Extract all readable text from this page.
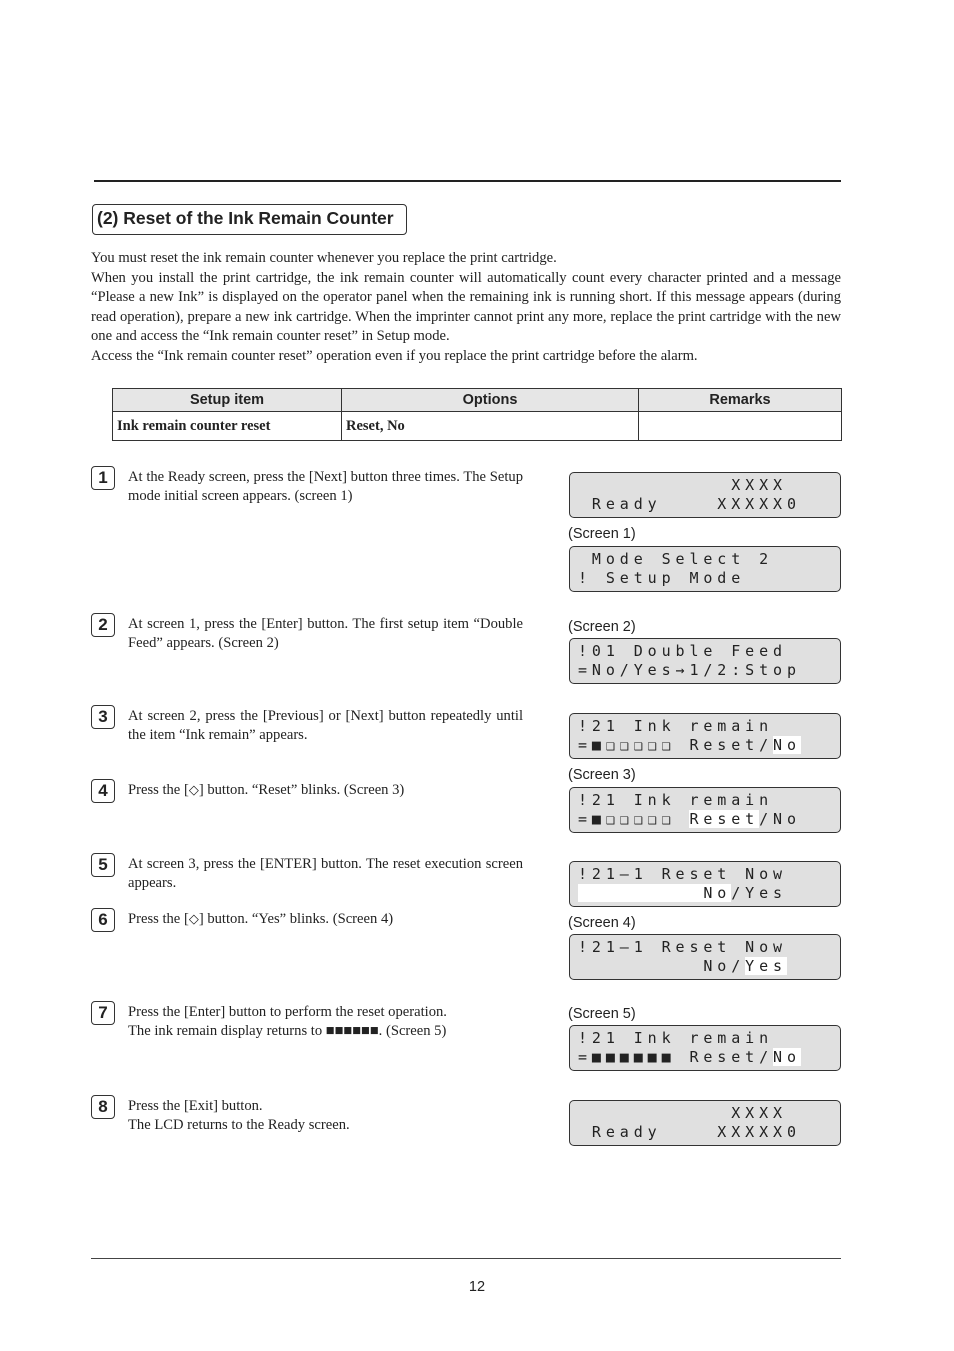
(2) Reset of the Ink Remain Counter

You must reset the ink remain counter whenever you replace the print cartridge.

When you install the print cartridge, the ink remain counter will automatically count every character printed and a message “Please a new Ink” is displayed on the operator panel when the remaining ink is running short. If this message appears (during read operation), prepare a new ink cartridge. When the imprinter cannot print any more, replace the print cartridge with the new one and access the “Ink remain counter reset” in Setup mode.

Access the “Ink remain counter reset” operation even if you replace the print cartridge before the alarm.

Setup item	Options	Remarks
Ink remain counter reset	Reset, No	
1	At the Ready screen, press the [Next] button three times. The Setup mode initial screen appears. (screen 1)

2	At screen 1, press the [Enter] button. The first setup item “Double Feed” appears. (Screen 2)

3	At screen 2, press the [Previous] or [Next] button repeatedly until the item “Ink remain” appears.

4	Press the [◇] button. “Reset” blinks. (Screen 3)

5	At screen 3, press the [ENTER] button. The reset execution screen appears.

6	Press the [◇] button. “Yes” blinks. (Screen 4)

7	Press the [Enter] button to perform the reset operation.

The ink remain display returns to ■■■■■■. (Screen 5)

8	Press the [Exit] button.

The LCD returns to the Ready screen.

XXXX
Ready    XXXXX0
(Screen 1)
Mode Select 2
! Setup Mode
(Screen 2)
!01 Double Feed
=No/Yes→1/2:Stop
!21 Ink remain
=■❑❑❑❑❑ Reset/No
(Screen 3)
!21 Ink remain
=■❑❑❑❑❑ Reset/No
!21–1 Reset Now
No/Yes
(Screen 4)
!21–1 Reset Now
No/Yes
(Screen 5)
!21 Ink remain
=■■■■■■ Reset/No
XXXX
Ready    XXXXX0
12
